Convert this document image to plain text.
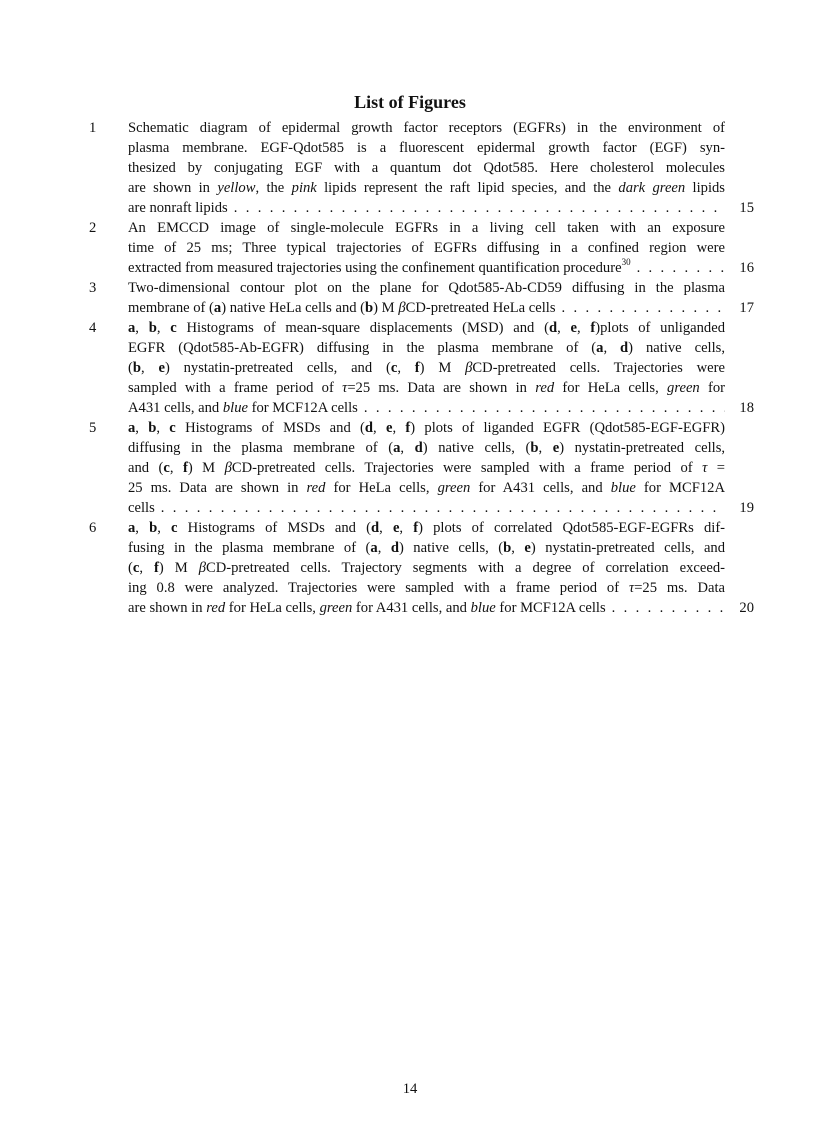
List of Figures
1 Schematic diagram of epidermal growth factor receptors (EGFRs) in the environment of
plasma membrane. EGF-Qdot585 is a fluorescent epidermal growth factor (EGF) syn-
thesized by conjugating EGF with a quantum dot Qdot585. Here cholesterol molecules
are shown in yellow, the pink lipids represent the raft lipid species, and the dark green lipids
are nonraft lipids . . .	15
2 An EMCCD image of single-molecule EGFRs in a living cell taken with an exposure
time of 25 ms; Three typical trajectories of EGFRs diffusing in a confined region were
extracted from measured trajectories using the confinement quantification procedure$^{30}$ . . .	16
3 Two-dimensional contour plot on the plane for Qdot585-Ab-CD59 diffusing in the plasma
membrane of (a) native HeLa cells and (b) M βCD-pretreated HeLa cells . . .	17
4 a, b, c Histograms of mean-square displacements (MSD) and (d, e, f)plots of unliganded
EGFR (Qdot585-Ab-EGFR) diffusing in the plasma membrane of (a, d) native cells,
(b, e) nystatin-pretreated cells, and (c, f) M βCD-pretreated cells. Trajectories were
sampled with a frame period of τ=25 ms. Data are shown in red for HeLa cells, green for
A431 cells, and blue for MCF12A cells . . .	18
5 a, b, c Histograms of MSDs and (d, e, f) plots of liganded EGFR (Qdot585-EGF-EGFR)
diffusing in the plasma membrane of (a, d) native cells, (b, e) nystatin-pretreated cells,
and (c, f) M βCD-pretreated cells. Trajectories were sampled with a frame period of τ =
25 ms. Data are shown in red for HeLa cells, green for A431 cells, and blue for MCF12A
cells . . .	19
6 a, b, c Histograms of MSDs and (d, e, f) plots of correlated Qdot585-EGF-EGFRs dif-
fusing in the plasma membrane of (a, d) native cells, (b, e) nystatin-pretreated cells, and
(c, f) M βCD-pretreated cells. Trajectory segments with a degree of correlation exceed-
ing 0.8 were analyzed. Trajectories were sampled with a frame period of τ=25 ms. Data
are shown in red for HeLa cells, green for A431 cells, and blue for MCF12A cells . . .	20
14
